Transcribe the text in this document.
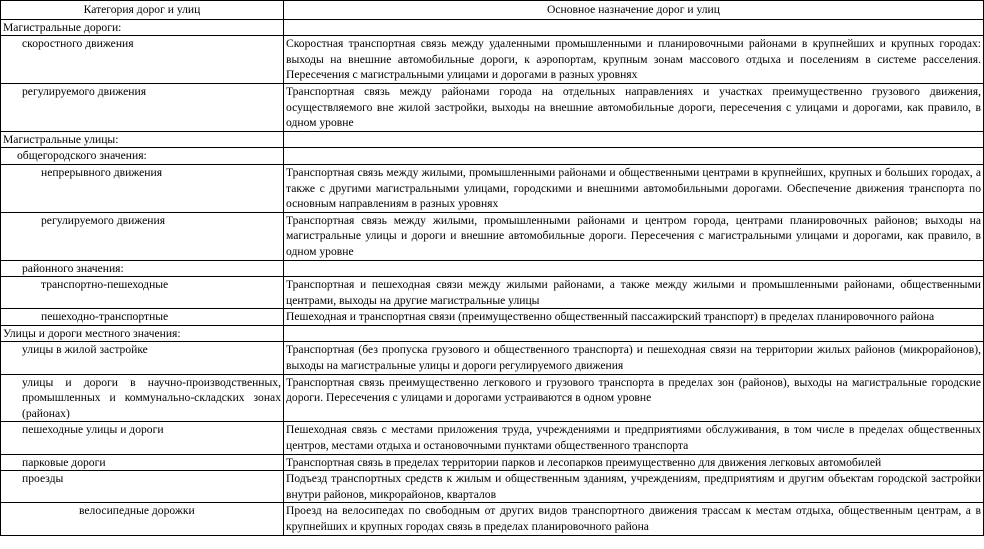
Категория дорог и улиц	Основное назначение дорог и улиц
Магистральные дороги:	
скоростного движения	Скоростная транспортная связь между удаленными промышленными и планировочными районами в крупнейших и крупных городах: выходы на внешние автомобильные дороги, к аэропортам, крупным зонам массового отдыха и поселениям в системе расселения. Пересечения с магистральными улицами и дорогами в разных уровнях
регулируемого движения	Транспортная связь между районами города на отдельных направлениях и участках преимущественно грузового движения, осуществляемого вне жилой застройки, выходы на внешние автомобильные дороги, пересечения с улицами и дорогами, как правило, в одном уровне
Магистральные улицы:	
общегородского значения:	
непрерывного движения	Транспортная связь между жилыми, промышленными районами и общественными центрами в крупнейших, крупных и больших городах, а также с другими магистральными улицами, городскими и внешними автомобильными дорогами. Обеспечение движения транспорта по основным направлениям в разных уровнях
регулируемого движения	Транспортная связь между жилыми, промышленными районами и центром города, центрами планировочных районов; выходы на магистральные улицы и дороги и внешние автомобильные дороги. Пересечения с магистральными улицами и дорогами, как правило, в одном уровне
районного значения:	
транспортно-пешеходные	Транспортная и пешеходная связи между жилыми районами, а также между жилыми и промышленными районами, общественными центрами, выходы на другие магистральные улицы
пешеходно-транспортные	Пешеходная и транспортная связи (преимущественно общественный пассажирский транспорт) в пределах планировочного района
Улицы и дороги местного значения:	
улицы в жилой застройке	Транспортная (без пропуска грузового и общественного транспорта) и пешеходная связи на территории жилых районов (микрорайонов), выходы на магистральные улицы и дороги регулируемого движения
улицы и дороги в научно-производственных, промышленных и коммунально-складских зонах (районах)	Транспортная связь преимущественно легкового и грузового транспорта в пределах зон (районов), выходы на магистральные городские дороги. Пересечения с улицами и дорогами устраиваются в одном уровне
пешеходные улицы и дороги	Пешеходная связь с местами приложения труда, учреждениями и предприятиями обслуживания, в том числе в пределах общественных центров, местами отдыха и остановочными пунктами общественного транспорта
парковые дороги	Транспортная связь в пределах территории парков и лесопарков преимущественно для движения легковых автомобилей
проезды	Подъезд транспортных средств к жилым и общественным зданиям, учреждениям, предприятиям и другим объектам городской застройки внутри районов, микрорайонов, кварталов
велосипедные дорожки	Проезд на велосипедах по свободным от других видов транспортного движения трассам к местам отдыха, общественным центрам, а в крупнейших и крупных городах связь в пределах планировочного района
